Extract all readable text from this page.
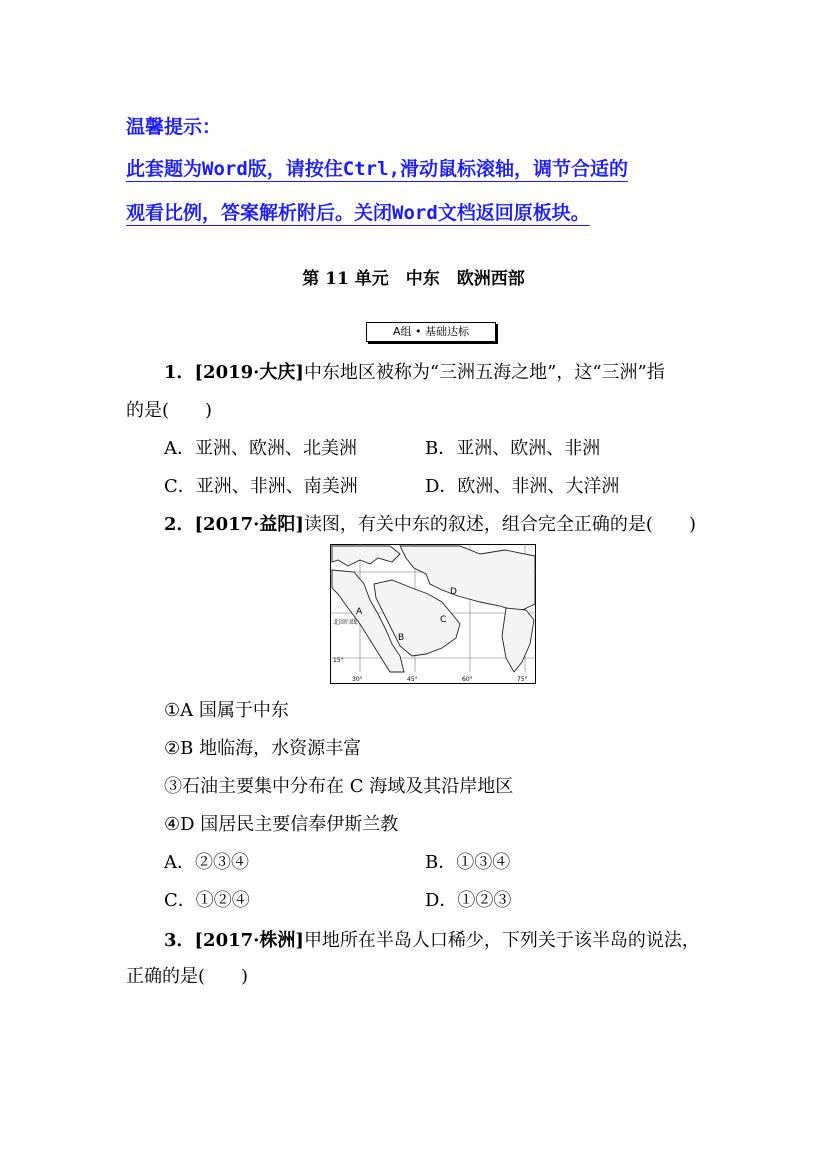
温馨提示：
此套题为Word版，请按住Ctrl,滑动鼠标滚轴，调节合适的
观看比例，答案解析附后。关闭Word文档返回原板块。
第 11 单元　中东　欧洲西部
A组 • 基础达标
1．[2019·大庆]中东地区被称为“三洲五海之地”，这“三洲”指
的是(　　)
A．亚洲、欧洲、北美洲	B．亚洲、欧洲、非洲
C．亚洲、非洲、南美洲	D．欧洲、非洲、大洋洲
2．[2017·益阳]读图，有关中东的叙述，组合完全正确的是(　　)
D
A
C
B
北回归线
15°
30°	45°	60°	75°
①A 国属于中东
②B 地临海，水资源丰富
③石油主要集中分布在 C 海域及其沿岸地区
④D 国居民主要信奉伊斯兰教
A．②③④	B．①③④
C．①②④	D．①②③
3．[2017·株洲]甲地所在半岛人口稀少，下列关于该半岛的说法，
正确的是(　　)
